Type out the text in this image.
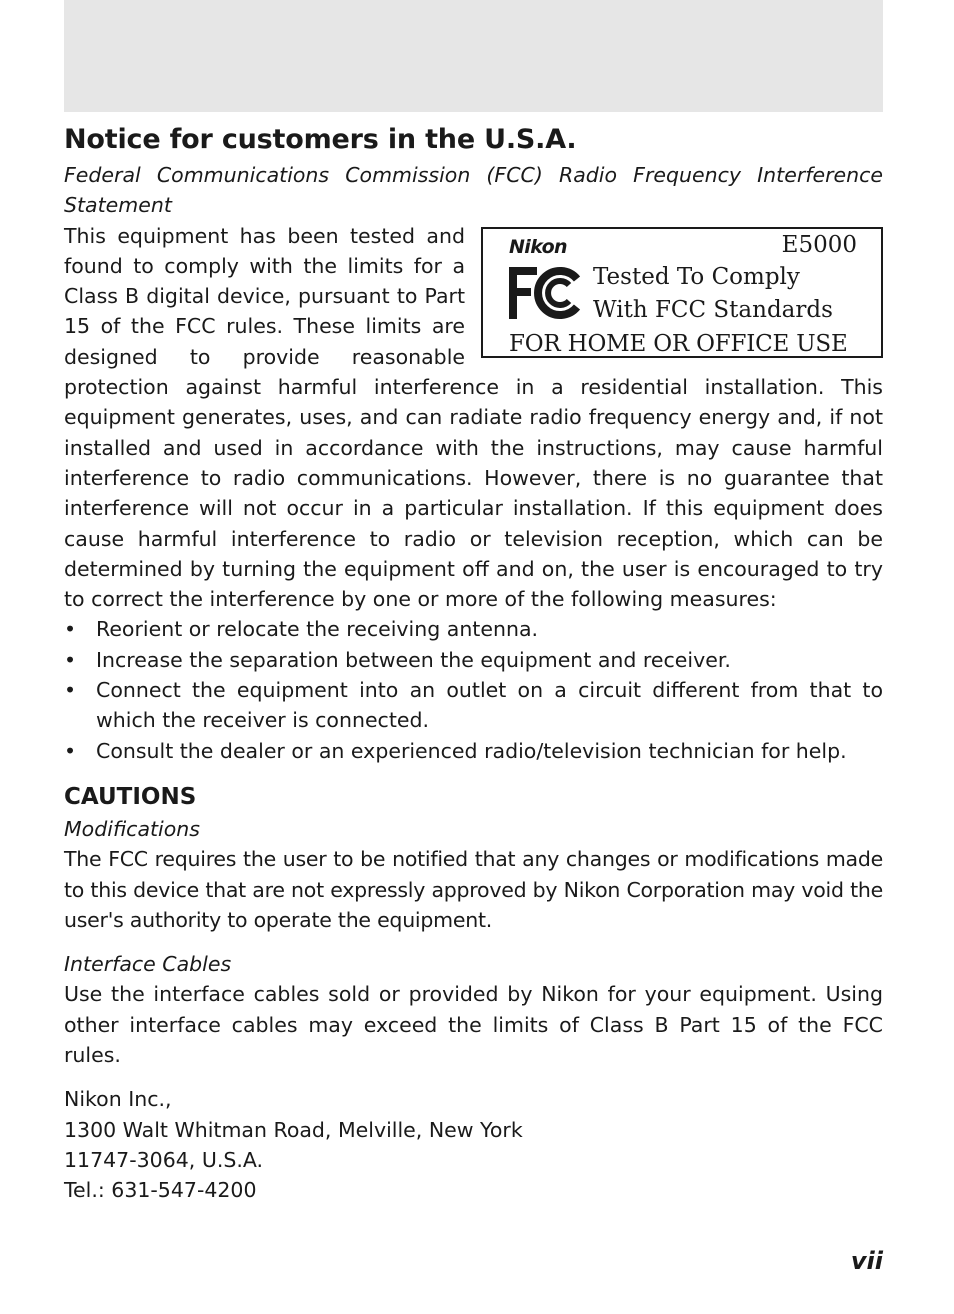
Notice for customers in the U.S.A.

Federal Communications Commission (FCC) Radio Frequency Interference Statement

Nikon	E5000
Tested To Comply
With FCC Standards
FOR HOME OR OFFICE USE

This equipment has been tested and found to comply with the limits for a Class B digital device, pursuant to Part 15 of the FCC rules. These limits are designed to provide reasonable protection against harmful interference in a residential installation. This equipment generates, uses, and can radiate radio frequency energy and, if not installed and used in accordance with the instructions, may cause harmful interference to radio communications. However, there is no guarantee that interference will not occur in a particular installation. If this equipment does cause harmful interference to radio or television reception, which can be determined by turning the equipment off and on, the user is encouraged to try to correct the interference by one or more of the following measures:

• Reorient or relocate the receiving antenna.
• Increase the separation between the equipment and receiver.
• Connect the equipment into an outlet on a circuit different from that to which the receiver is connected.
• Consult the dealer or an experienced radio/television technician for help.
CAUTIONS

Modifications

The FCC requires the user to be notified that any changes or modifications made to this device that are not expressly approved by Nikon Corporation may void the user's authority to operate the equipment.

Interface Cables

Use the interface cables sold or provided by Nikon for your equipment. Using other interface cables may exceed the limits of Class B Part 15 of the FCC rules.

Nikon Inc.,

1300 Walt Whitman Road, Melville, New York

11747-3064, U.S.A.

Tel.: 631-547-4200

vii
